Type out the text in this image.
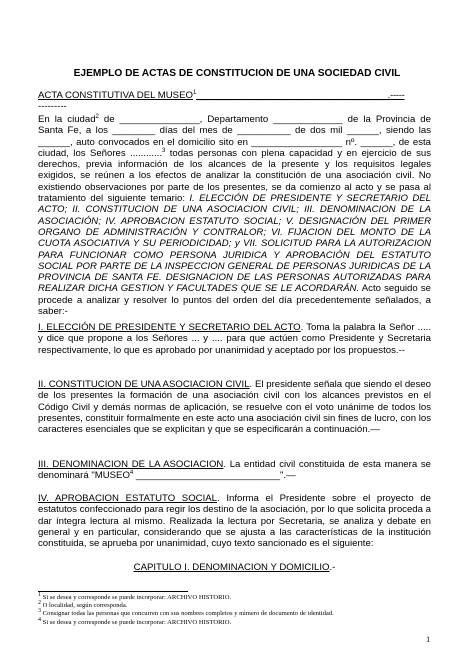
EJEMPLO DE ACTAS DE CONSTITUCION DE UNA SOCIEDAD CIVIL
ACTA CONSTITUTIVA DEL MUSEO$^1$______________________________________.-----
---------
En la ciudad$^2$ de _______________, Departamento _____________ de la Provincia de Santa Fe, a los ________ días del mes de __________ de dos mil ______, siendo las ______, auto convocados en el domicilio sito en _________________ nº. ______, de esta ciudad, los Señores ............$^3$ todas personas con plena capacidad y en ejercicio de sus derechos, previa información de los alcances de la presente y los requisitos legales exigidos, se reúnen a los efectos de analizar la constitución de una asociación civil. No existiendo observaciones por parte de los presentes, se da comienzo al acto y se pasa al tratamiento del siguiente temario: I. ELECCIÓN DE PRESIDENTE Y SECRETARIO DEL ACTO; II. CONSTITUCION DE UNA ASOCIACION CIVIL; III. DENOMINACION DE LA ASOCIACIÓN; IV. APROBACION ESTATUTO SOCIAL; V. DESIGNACIÓN DEL PRIMER ORGANO DE ADMINISTRACIÓN Y CONTRALOR; VI. FIJACION DEL MONTO DE LA CUOTA ASOCIATIVA Y SU PERIODICIDAD; y VII. SOLICITUD PARA LA AUTORIZACION PARA FUNCIONAR COMO PERSONA JURIDICA Y APROBACIÓN DEL ESTATUTO SOCIAL POR PARTE DE LA INSPECCION GENERAL DE PERSONAS JURIDICAS DE LA PROVINCIA DE SANTA FE. DESIGNACION DE LAS PERSONAS AUTORIZADAS PARA REALIZAR DICHA GESTION Y FACULTADES QUE SE LE ACORDARÁN. Acto seguido se procede a analizar y resolver lo puntos del orden del día precedentemente señalados, a saber:-
I. ELECCIÓN DE PRESIDENTE Y SECRETARIO DEL ACTO. Toma la palabra la Señor ..... y dice que propone a los Señores ... y .... para que actúen como Presidente y Secretaria respectivamente, lo que es aprobado por unanimidad y aceptado por los propuestos.--
II. CONSTITUCION DE UNA ASOCIACION CIVIL. El presidente señala que siendo el deseo de los presentes la formación de una asociación civil con los alcances previstos en el Código Civil y demás normas de aplicación, se resuelve con el voto unánime de todos los presentes, constituir formalmente en este acto una asociación civil sin fines de lucro, con los caracteres esenciales que se explicitan y que se especificarán a continuación.—
III. DENOMINACION DE LA ASOCIACION. La entidad civil constituida de esta manera se denominará "MUSEO$^4$ ___________________________".—
IV. APROBACION ESTATUTO SOCIAL. Informa el Presidente sobre el proyecto de estatutos confeccionado para regir los destino de la asociación, por lo que solicita proceda a dar íntegra lectura al mismo. Realizada la lectura por Secretaria, se analiza y debate en general y en particular, considerando que se ajusta a las características de la institución constituida, se aprueba por unanimidad, cuyo texto sancionado es el siguiente:
CAPITULO I. DENOMINACION Y DOMICILIO.-
$^1$ Si se desea y corresponde se puede incorporar: ARCHIVO HISTORIO.
$^2$ O localidad, según corresponda.
$^3$ Consignar todas las personas que concurren con sus nombres completos y número de documento de identidad.
$^4$ Si se desea y corresponde se puede incorporar: ARCHIVO HISTORIO.
1
